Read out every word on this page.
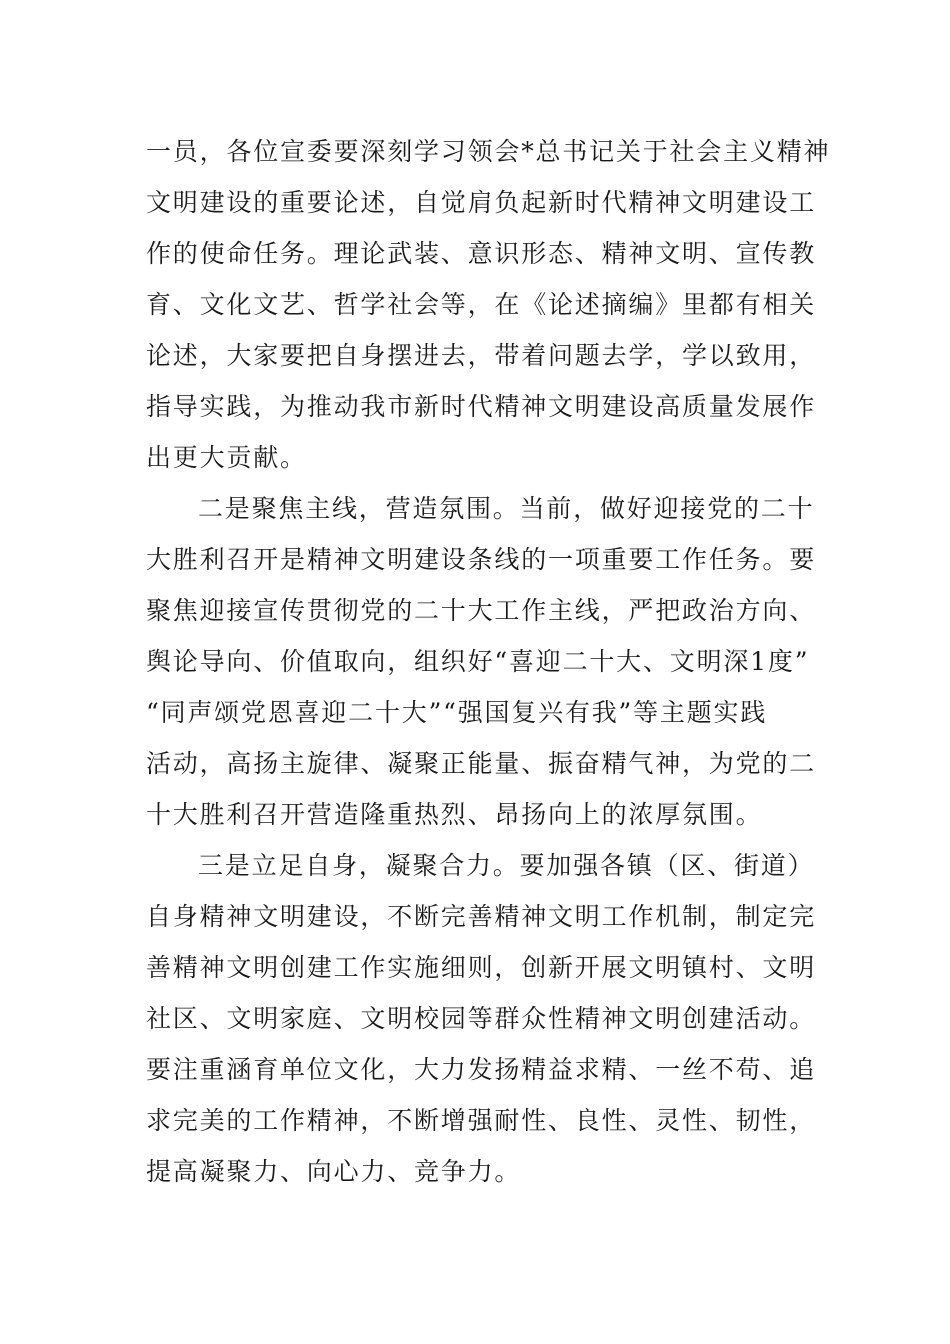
一员，各位宣委要深刻学习领会*总书记关于社会主义精神
文明建设的重要论述，自觉肩负起新时代精神文明建设工
作的使命任务。理论武装、意识形态、精神文明、宣传教
育、文化文艺、哲学社会等，在《论述摘编》里都有相关
论述，大家要把自身摆进去，带着问题去学，学以致用，
指导实践，为推动我市新时代精神文明建设高质量发展作
出更大贡献。

二是聚焦主线，营造氛围。当前，做好迎接党的二十
大胜利召开是精神文明建设条线的一项重要工作任务。要
聚焦迎接宣传贯彻党的二十大工作主线，严把政治方向、
舆论导向、价值取向，组织好“喜迎二十大、文明深1度”
“同声颂党恩喜迎二十大”“强国复兴有我”等主题实践
活动，高扬主旋律、凝聚正能量、振奋精气神，为党的二
十大胜利召开营造隆重热烈、昂扬向上的浓厚氛围。

三是立足自身，凝聚合力。要加强各镇（区、街道）
自身精神文明建设，不断完善精神文明工作机制，制定完
善精神文明创建工作实施细则，创新开展文明镇村、文明
社区、文明家庭、文明校园等群众性精神文明创建活动。
要注重涵育单位文化，大力发扬精益求精、一丝不苟、追
求完美的工作精神，不断增强耐性、良性、灵性、韧性，
提高凝聚力、向心力、竞争力。
